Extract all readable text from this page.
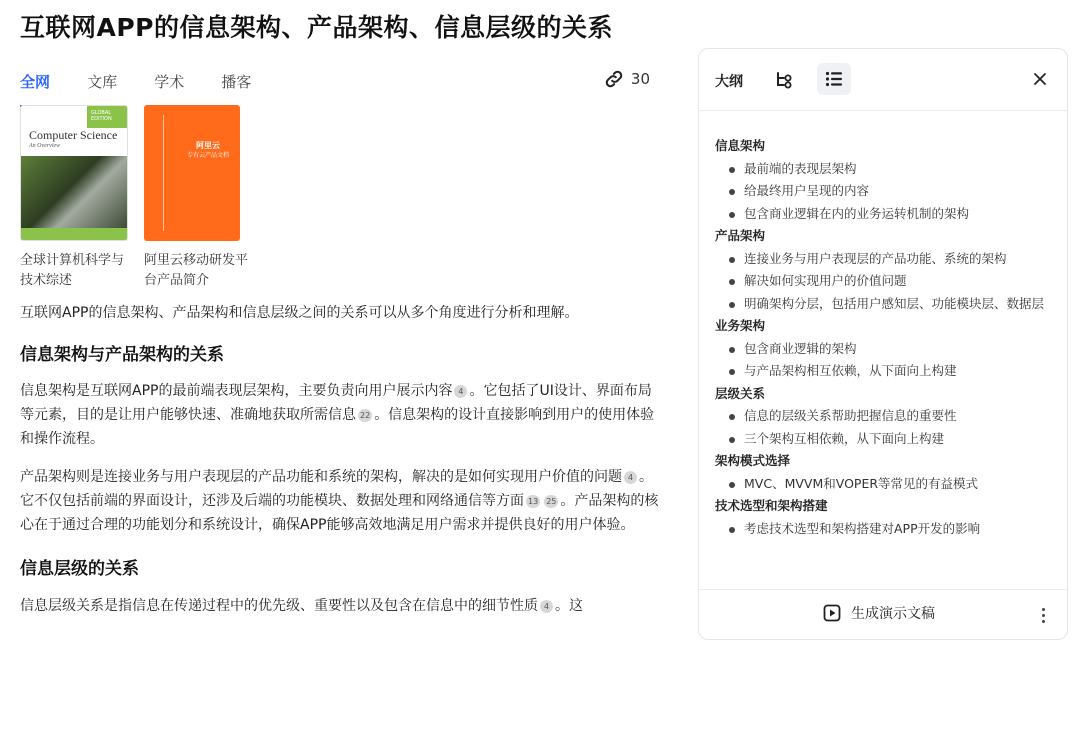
互联网APP的信息架构、产品架构、信息层级的关系
全网 文库 学术 播客	30
GLOBAL EDITION
Computer Science
An Overview
全球计算机科学与技术综述
阿里云
专有云产品文档
阿里云移动研发平台产品简介

互联网APP的信息架构、产品架构和信息层级之间的关系可以从多个角度进行分析和理解。

信息架构与产品架构的关系

信息架构是互联网APP的最前端表现层架构，主要负责向用户展示内容 4 。它包括了UI设计、界面布局等元素，目的是让用户能够快速、准确地获取所需信息 22 。信息架构的设计直接影响到用户的使用体验和操作流程。

产品架构则是连接业务与用户表现层的产品功能和系统的架构，解决的是如何实现用户价值的问题 4 。它不仅包括前端的界面设计，还涉及后端的功能模块、数据处理和网络通信等方面 13 25 。产品架构的核心在于通过合理的功能划分和系统设计，确保APP能够高效地满足用户需求并提供良好的用户体验。

信息层级的关系

信息层级关系是指信息在传递过程中的优先级、重要性以及包含在信息中的细节性质 4 。这

大纲
信息架构
最前端的表现层架构
给最终用户呈现的内容
包含商业逻辑在内的业务运转机制的架构
产品架构
连接业务与用户表现层的产品功能、系统的架构
解决如何实现用户的价值问题
明确架构分层，包括用户感知层、功能模块层、数据层
业务架构
包含商业逻辑的架构
与产品架构相互依赖，从下面向上构建
层级关系
信息的层级关系帮助把握信息的重要性
三个架构互相依赖，从下面向上构建
架构模式选择
MVC、MVVM和VOPER等常见的有益模式
技术选型和架构搭建
考虑技术选型和架构搭建对APP开发的影响
生成演示文稿
